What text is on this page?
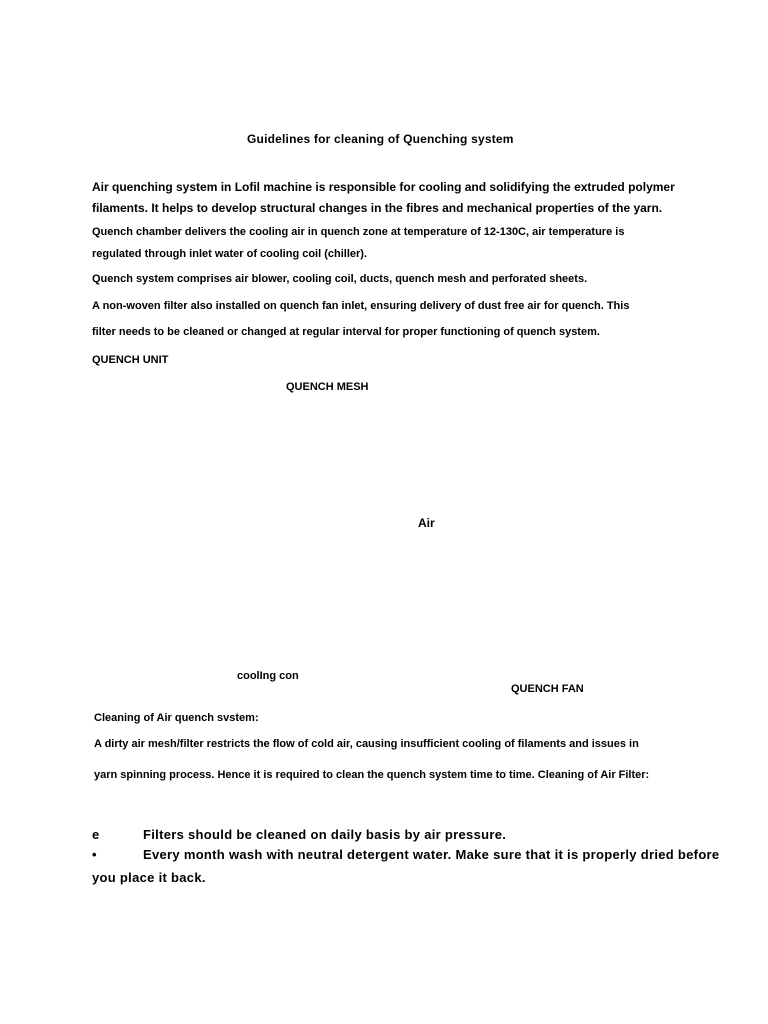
Guidelines for cleaning of Quenching system
Air quenching system in Lofil machine is responsible for cooling and solidifying the extruded polymer
filaments. It helps to develop structural changes in the fibres and mechanical properties of the yarn.
Quench chamber delivers the cooling air in quench zone at temperature of 12-130C, air temperature is
regulated through inlet water of cooling coil (chiller).
Quench system comprises air blower, cooling coil, ducts, quench mesh and perforated sheets.
A non-woven filter also installed on quench fan inlet, ensuring delivery of dust free air for quench. This
filter needs to be cleaned or changed at regular interval for proper functioning of quench system.
QUENCH UNIT
QUENCH MESH
Air
coolIng con
QUENCH FAN
Cleaning of Air quench svstem:
A dirty air mesh/filter restricts the flow of cold air, causing insufficient cooling of filaments and issues in
yarn spinning process. Hence it is required to clean the quench system time to time. Cleaning of Air Filter:
e	Filters should be cleaned on daily basis by air pressure.
•	Every month wash with neutral detergent water. Make sure that it is properly dried before
you place it back.
